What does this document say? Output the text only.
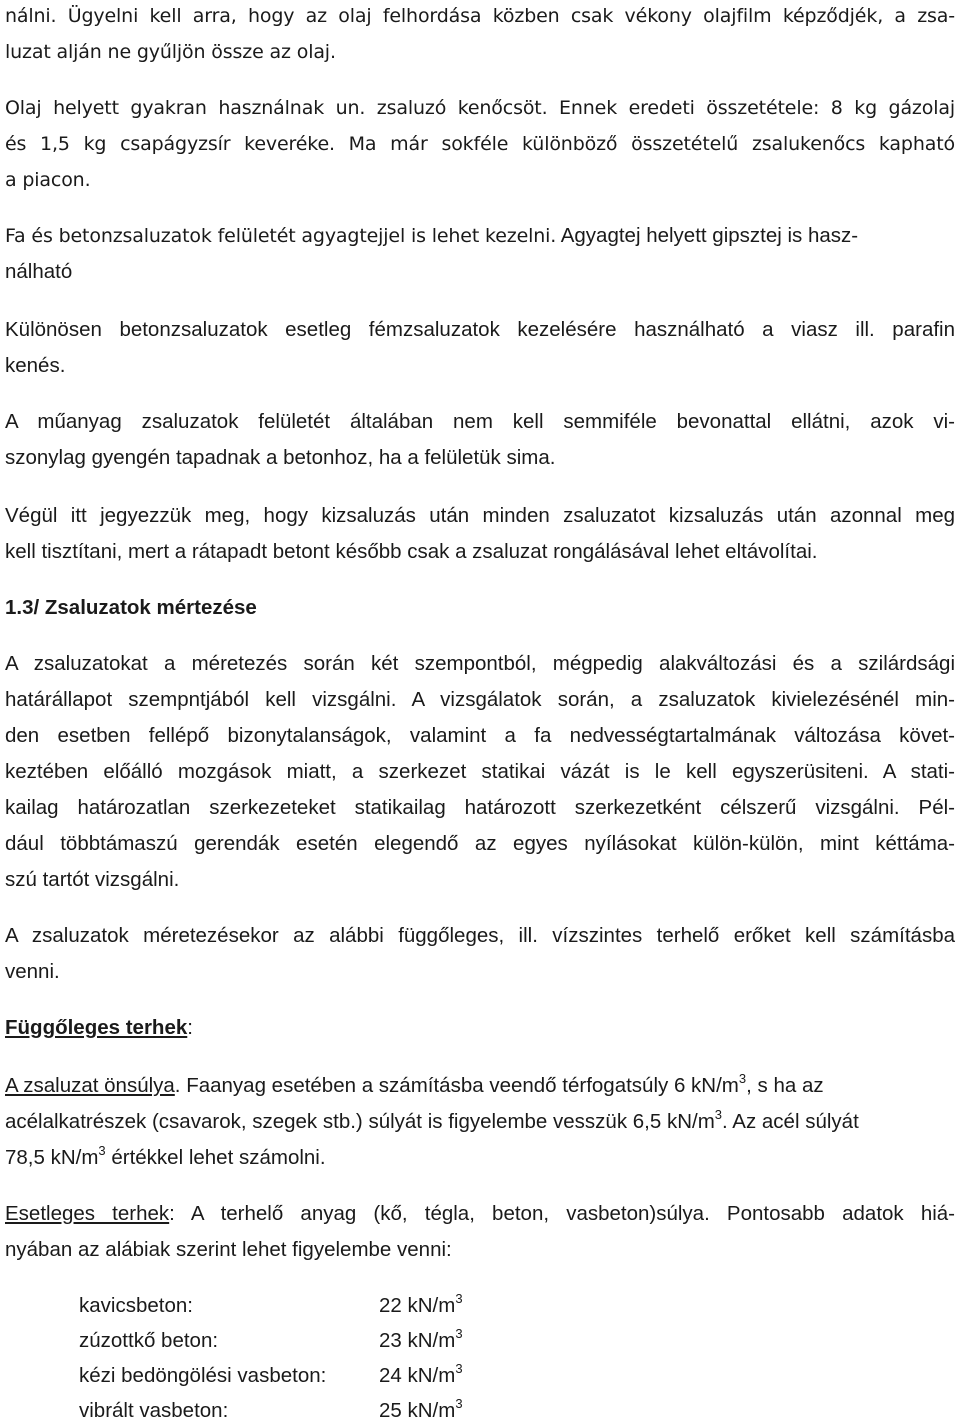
nálni. Ügyelni kell arra, hogy az olaj felhordása közben csak vékony olajfilm képződjék, a zsa-
luzat alján ne gyűljön össze az olaj.
Olaj helyett gyakran használnak un. zsaluzó kenőcsöt. Ennek eredeti összetétele: 8 kg gázolaj
és 1,5 kg csapágyzsír keveréke. Ma már sokféle különböző összetételű zsalukenőcs kapható
a piacon.
Fa és betonzsaluzatok felületét agyagtejjel is lehet kezelni. Agyagtej helyett gipsztej is hasz-
nálható
Különösen betonzsaluzatok esetleg fémzsaluzatok kezelésére használható a viasz ill. parafin
kenés.
A műanyag zsaluzatok felületét általában nem kell semmiféle bevonattal ellátni, azok vi-
szonylag gyengén tapadnak a betonhoz, ha a felületük sima.
Végül itt jegyezzük meg, hogy kizsaluzás után minden zsaluzatot kizsaluzás után azonnal meg
kell tisztítani, mert a rátapadt betont később csak a zsaluzat rongálásával lehet eltávolítai.
1.3/ Zsaluzatok mértezése
A zsaluzatokat a méretezés során két szempontból, mégpedig alakváltozási és a szilárdsági
határállapot szempntjából kell vizsgálni. A vizsgálatok során, a zsaluzatok kivielezésénél min-
den esetben fellépő bizonytalanságok, valamint a fa nedvességtartalmának változása követ-
keztében előálló mozgások miatt, a szerkezet statikai vázát is le kell egyszerüsiteni. A stati-
kailag határozatlan szerkezeteket statikailag határozott szerkezetként célszerű vizsgálni. Pél-
dául többtámaszú gerendák esetén elegendő az egyes nyílásokat külön-külön, mint kéttáma-
szú tartót vizsgálni.
A zsaluzatok méretezésekor az alábbi függőleges, ill. vízszintes terhelő erőket kell számításba
venni.
Függőleges terhek:
A zsaluzat önsúlya. Faanyag esetében a számításba veendő térfogatsúly 6 $kN/m^3$, s ha az
acélalkatrészek (csavarok, szegek stb.) súlyát is figyelembe vesszük 6,5 $kN/m^3$. Az acél súlyát
78,5 $kN/m^3$ értékkel lehet számolni.
Esetleges terhek: A terhelő anyag (kő, tégla, beton, vasbeton)súlya. Pontosabb adatok hiá-
nyában az alábiak szerint lehet figyelembe venni:
kavicsbeton:	22 $kN/m^3$
zúzottkő beton:	23 $kN/m^3$
kézi bedöngölési vasbeton:	24 $kN/m^3$
vibrált vasbeton:	25 $kN/m^3$
